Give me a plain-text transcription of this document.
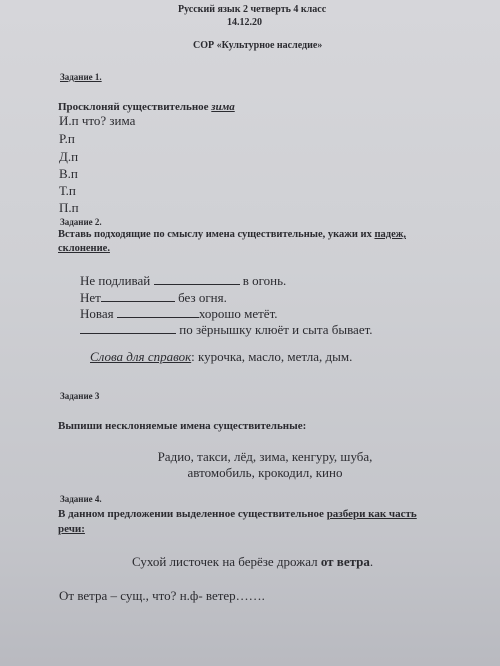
Русский язык 2 четверть 4 класс
14.12.20
СОР «Культурное наследие»
Задание 1.
Просклоняй существительное зима
И.п что? зима
Р.п
Д.п
В.п
Т.п
П.п
Задание 2.
Вставь подходящие по смыслу имена существительные, укажи их падеж,
склонение.
Не подливай	в огонь.
Нет	без огня.
Новая	хорошо метёт.
по зёрнышку клюёт и сыта бывает.
Слова для справок: курочка, масло, метла, дым.
Задание 3
Выпиши несклоняемые имена существительные:
Радио, такси, лёд, зима, кенгуру, шуба,
автомобиль, крокодил, кино
Задание 4.
В данном предложении выделенное существительное разбери как часть
речи:
Сухой листочек на берёзе дрожал от ветра.
От ветра – сущ., что? н.ф- ветер…….
